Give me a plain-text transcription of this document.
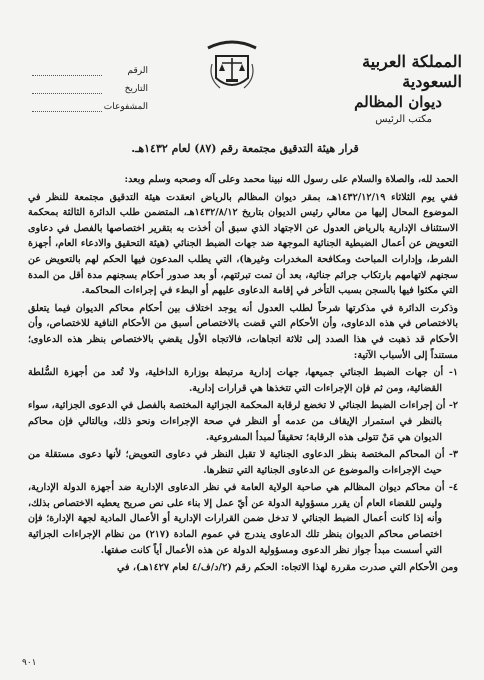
المملكة العربية السعودية
ديوان المظالم
مكتب الرئيس
الرقم
التاريخ
المشفوعات
قرار هيئة التدقيق مجتمعة رقم (٨٧) لعام ١٤٣٢هـ.

الحمد لله، والصلاة والسلام على رسول الله نبينا محمد وعلى آله وصحبه وسلم وبعد:

ففي يوم الثلاثاء ١٤٣٢/١٢/١٩هـ، بمقر ديوان المظالم بالرياض انعقدت هيئة التدقيق مجتمعة للنظر في الموضوع المحال إليها من معالي رئيس الديوان بتاريخ ١٤٣٢/٨/١٢هـ، المتضمن طلب الدائرة الثالثة بمحكمة الاستئناف الإدارية بالرياض العدول عن الاجتهاد الذي سبق أن أخذت به بتقرير اختصاصها بالفصل في دعاوى التعويض عن أعمال الضبطية الجنائية الموجهة ضد جهات الضبط الجنائي (هيئة التحقيق والادعاء العام، أجهزة الشرط، وإدارات المباحث ومكافحة المخدرات وغيرها)، التي يطلب المدعون فيها الحكم لهم بالتعويض عن سجنهم لاتهامهم بارتكاب جرائم جنائية، بعد أن تمت تبرئتهم، أو بعد صدور أحكام بسجنهم مدة أقل من المدة التي مكثوا فيها بالسجن بسبب التأخر في إقامة الدعاوى عليهم أو البطء في إجراءات المحاكمة.

وذكرت الدائرة في مذكرتها شرحاً لطلب العدول أنه يوجد اختلاف بين أحكام محاكم الديوان فيما يتعلق بالاختصاص في هذه الدعاوى، وأن الأحكام التي قضت بالاختصاص أسبق من الأحكام النافية للاختصاص، وأن الأحكام قد ذهبت في هذا الصدد إلى ثلاثة اتجاهات، فالاتجاه الأول يقضي بالاختصاص بنظر هذه الدعاوى؛ مستنداً إلى الأسباب الآتية:

١- أن جهات الضبط الجنائي جميعها، جهات إدارية مرتبطة بوزارة الداخلية، ولا تُعد من أجهزة السُّلطة القضائية، ومن ثم فإن الإجراءات التي تتخذها هي قرارات إدارية.

٢- أن إجراءات الضبط الجنائي لا تخضع لرقابة المحكمة الجزائية المختصة بالفصل في الدعوى الجزائية، سواء بالنظر في استمرار الإيقاف من عدمه أو النظر في صحة الإجراءات ونحو ذلك، وبالتالي فإن محاكم الديوان هي مَنْ تتولى هذه الرقابة؛ تحقيقاً لمبدأ المشروعية.

٣- أن المحاكم المختصة بنظر الدعاوى الجنائية لا تقبل النظر في دعاوى التعويض؛ لأنها دعوى مستقلة من حيث الإجراءات والموضوع عن الدعاوى الجنائية التي تنظرها.

٤- أن محاكم ديوان المظالم هي صاحبة الولاية العامة في نظر الدعاوى الإدارية ضد أجهزة الدولة الإدارية، وليس للقضاء العام أن يقرر مسؤولية الدولة عن أيّ عمل إلا بناء على نص صريح يعطيه الاختصاص بذلك، وأنه إذا كانت أعمال الضبط الجنائي لا تدخل ضمن القرارات الإدارية أو الأعمال المادية لجهة الإدارة؛ فإن اختصاص محاكم الديوان بنظر تلك الدعاوى يندرج في عموم المادة (٢١٧) من نظام الإجراءات الجزائية التي أسست مبدأ جواز نظر الدعوى ومسؤولية الدولة عن هذه الأعمال أياً كانت صفتها.

ومن الأحكام التي صدرت مقررة لهذا الاتجاه: الحكم رقم (٢/د/ف/٤ لعام ١٤٢٧هـ)، في

٩٠١
